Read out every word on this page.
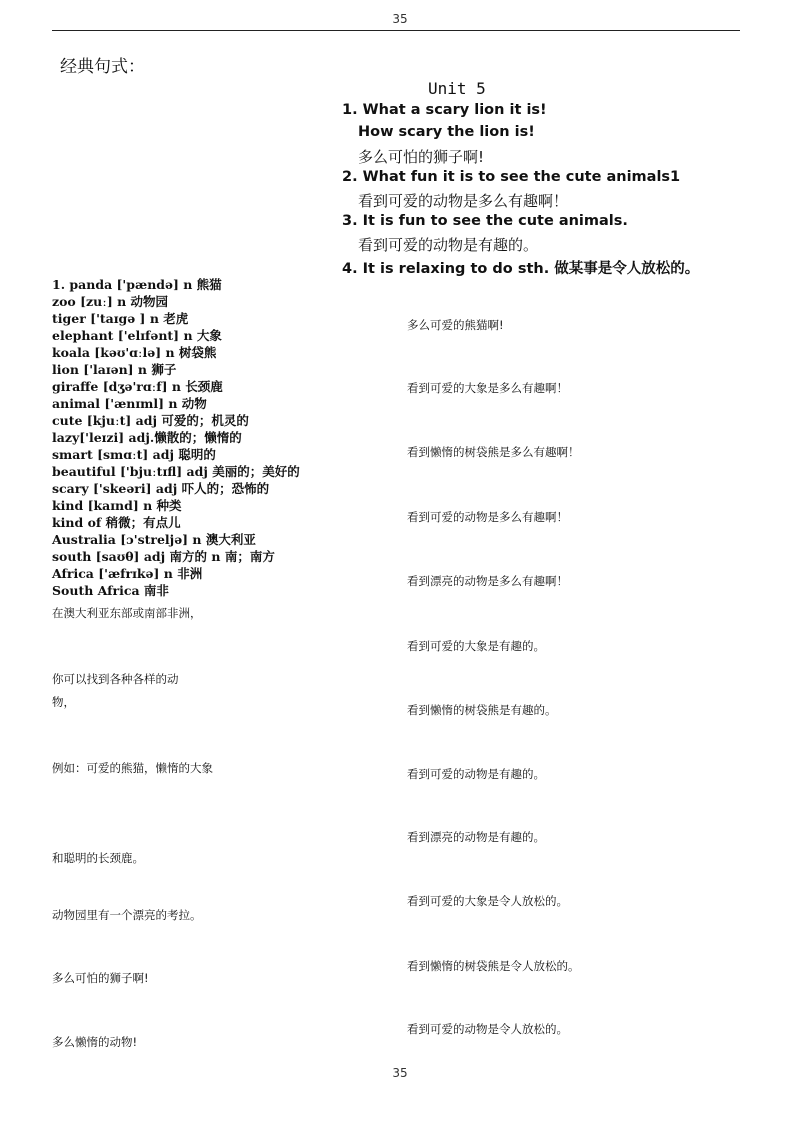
35
经典句式：
Unit 5
1. What a scary lion it is!
How scary the lion is!
多么可怕的狮子啊!
2. What fun it is to see the cute animals1
看到可爱的动物是多么有趣啊！
3. It is fun to see the cute animals.
看到可爱的动物是有趣的。
4. It is relaxing to do sth. 做某事是令人放松的。
1. panda ['pændə] n 熊猫
zoo [zuː] n 动物园
tiger ['taɪgə ] n 老虎
elephant ['elɪfənt] n 大象
koala [kəʊ'ɑːlə] n 树袋熊
lion ['laɪən] n 狮子
giraffe [dʒə'rɑːf] n 长颈鹿
animal ['ænɪml] n 动物
cute [kjuːt] adj 可爱的；机灵的
lazy['leɪzi] adj.懒散的；懒惰的
smart [smɑːt] adj 聪明的
beautiful ['bjuːtɪfl] adj 美丽的；美好的
scary ['skeəri] adj 吓人的；恐怖的
kind [kaɪnd] n 种类
kind of 稍微；有点儿
Australia [ɔ'streljə] n 澳大利亚
south [saʊθ] adj 南方的 n 南；南方
Africa ['æfrɪkə] n 非洲
South Africa 南非
在澳大利亚东部或南部非洲，
你可以找到各种各样的动
物，
例如：可爱的熊猫，懒惰的大象
和聪明的长颈鹿。
动物园里有一个漂亮的考拉。
多么可怕的狮子啊!
多么懒惰的动物!
多么可爱的熊猫啊!
看到可爱的大象是多么有趣啊！
看到懒惰的树袋熊是多么有趣啊！
看到可爱的动物是多么有趣啊！
看到漂亮的动物是多么有趣啊！
看到可爱的大象是有趣的。
看到懒惰的树袋熊是有趣的。
看到可爱的动物是有趣的。
看到漂亮的动物是有趣的。
看到可爱的大象是令人放松的。
看到懒惰的树袋熊是令人放松的。
看到可爱的动物是令人放松的。
35
